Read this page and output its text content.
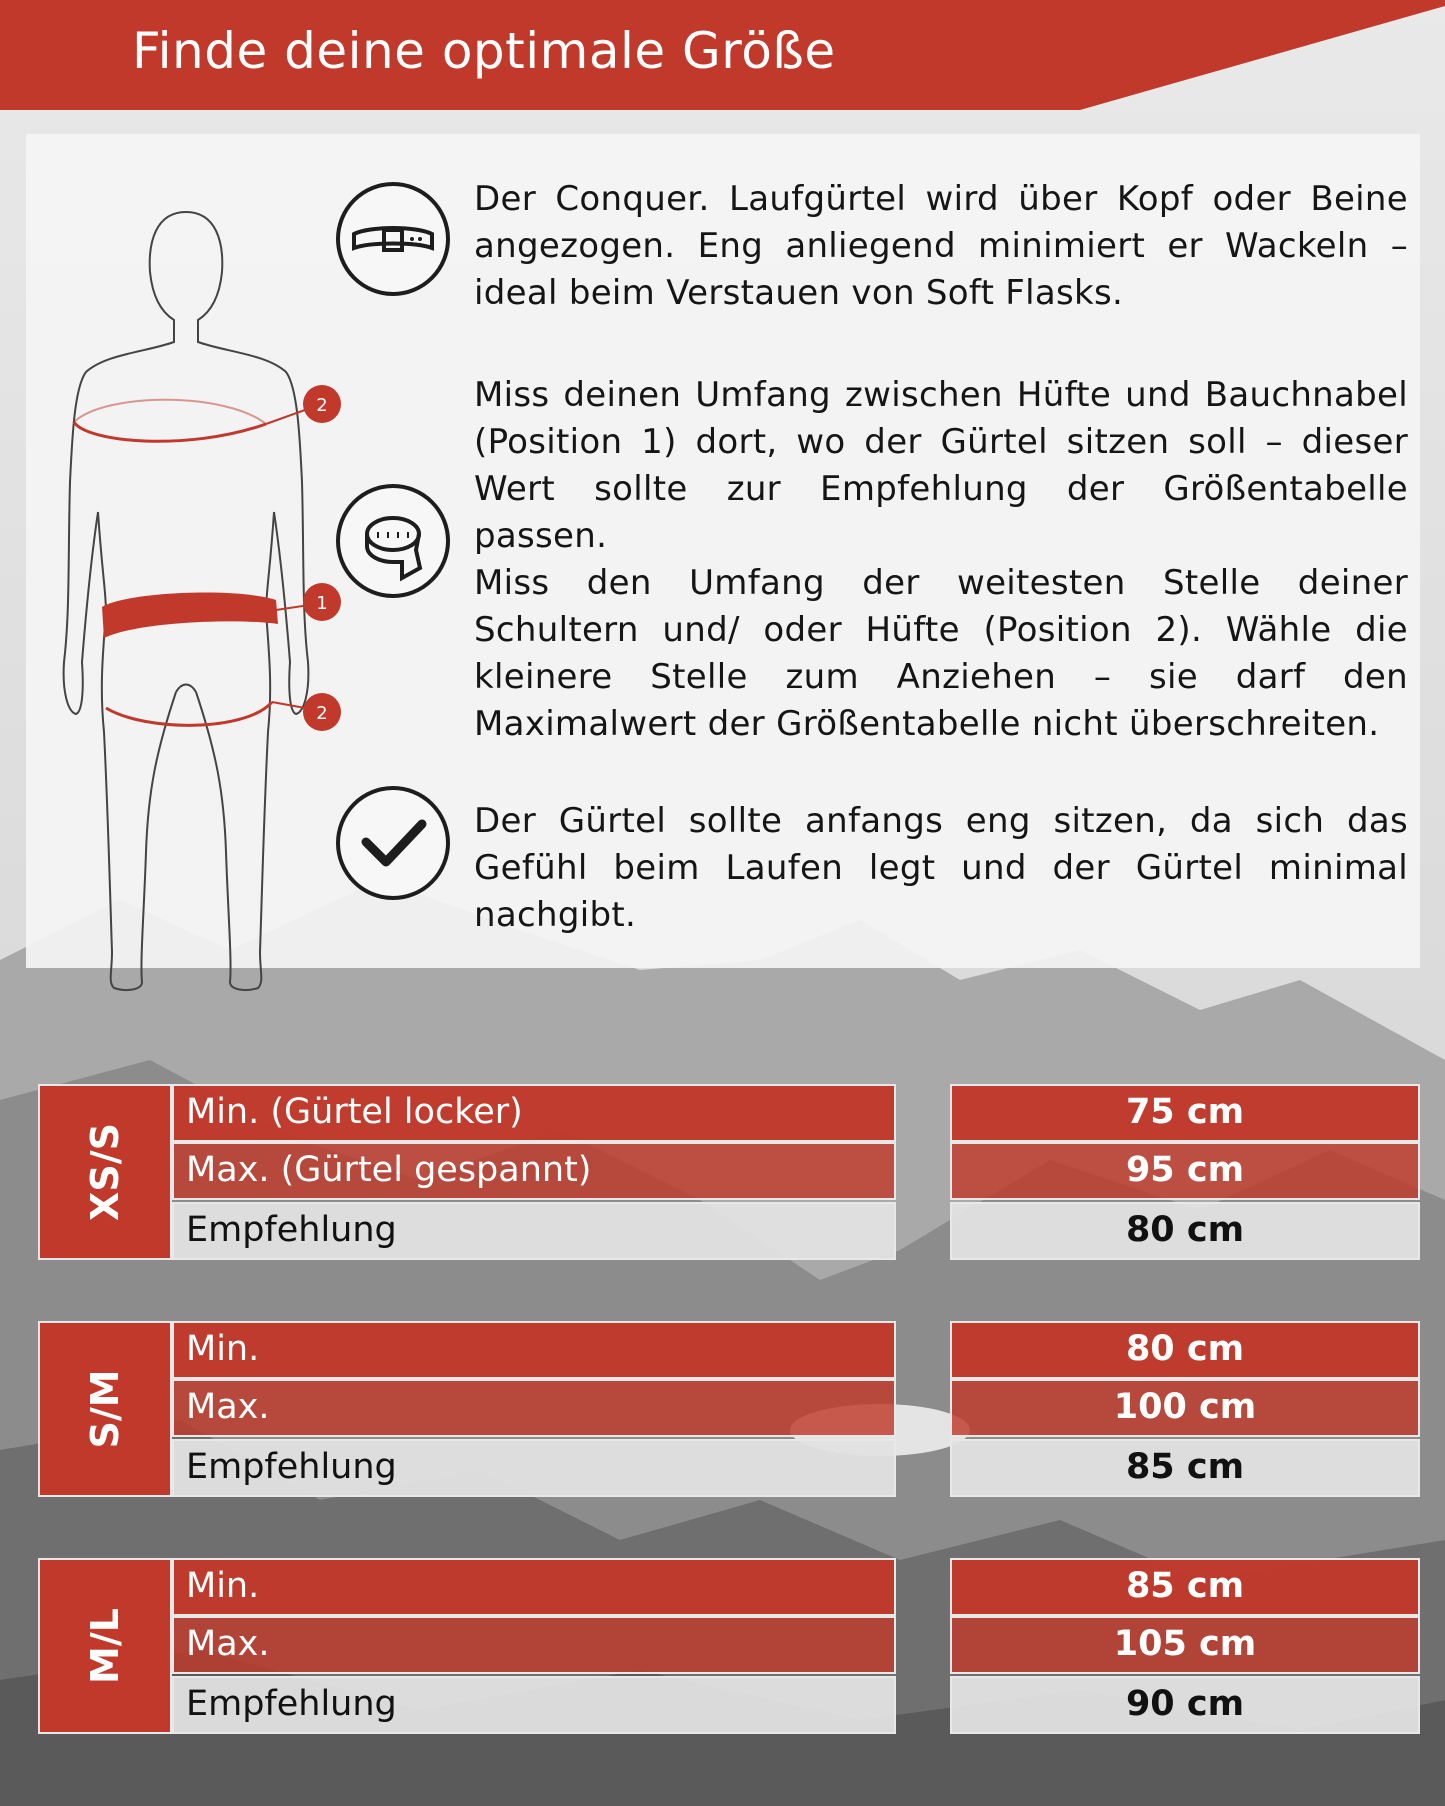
Finde deine optimale Größe
2
1
2
Der Conquer. Laufgürtel wird über Kopf oder Beine angezogen. Eng anliegend minimiert er Wackeln – ideal beim Verstauen von Soft Flasks.
Miss deinen Umfang zwischen Hüfte und Bauchnabel (Position 1) dort, wo der Gürtel sitzen soll – dieser Wert sollte zur Empfehlung der Größentabelle passen.
Miss den Umfang der weitesten Stelle deiner Schultern und/ oder Hüfte (Position 2). Wähle die kleinere Stelle zum Anziehen – sie darf den Maximalwert der Größentabelle nicht überschreiten.
Der Gürtel sollte anfangs eng sitzen, da sich das Gefühl beim Laufen legt und der Gürtel minimal nachgibt.
XS/S
Min. (Gürtel locker)
Max. (Gürtel gespannt)
Empfehlung
75 cm
95 cm
80 cm
S/M
Min.
Max.
Empfehlung
80 cm
100 cm
85 cm
M/L
Min.
Max.
Empfehlung
85 cm
105 cm
90 cm
